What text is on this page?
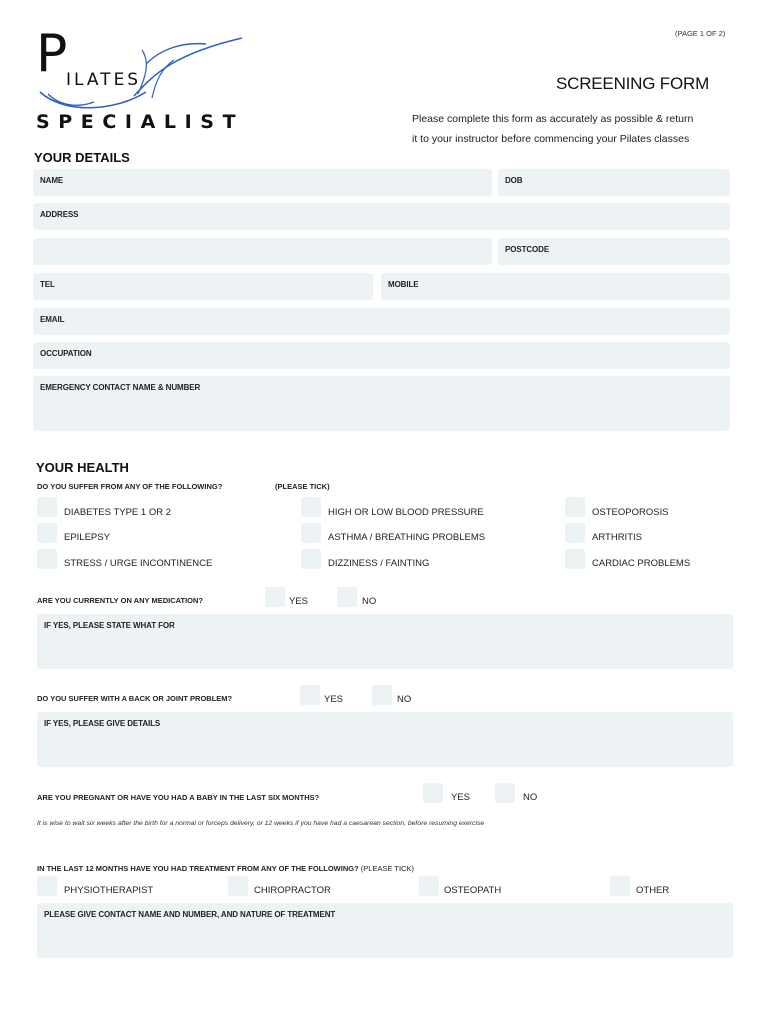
(PAGE 1 OF 2)
P
ILATES
SPECIALIST
SCREENING FORM
Please complete this form as accurately as possible & return
it to your instructor before commencing your Pilates classes
YOUR DETAILS
NAME	DOB
ADDRESS
POSTCODE
TEL	MOBILE
EMAIL
OCCUPATION
EMERGENCY CONTACT NAME & NUMBER
YOUR HEALTH
DO YOU SUFFER FROM ANY OF THE FOLLOWING?	(PLEASE TICK)
DIABETES TYPE 1 OR 2	HIGH OR LOW BLOOD PRESSURE	OSTEOPOROSIS
EPILEPSY	ASTHMA / BREATHING PROBLEMS	ARTHRITIS
STRESS / URGE INCONTINENCE	DIZZINESS / FAINTING	CARDIAC PROBLEMS
ARE YOU CURRENTLY ON ANY MEDICATION?	YES	NO
IF YES, PLEASE STATE WHAT FOR
DO YOU SUFFER WITH A BACK OR JOINT PROBLEM?	YES	NO
IF YES, PLEASE GIVE DETAILS
ARE YOU PREGNANT OR HAVE YOU HAD A BABY IN THE LAST SIX MONTHS?	YES	NO
It is wise to wait six weeks after the birth for a normal or forceps delivery, or 12 weeks if you have had a caesarean section, before resuming exercise
IN THE LAST 12 MONTHS HAVE YOU HAD TREATMENT FROM ANY OF THE FOLLOWING? (PLEASE TICK)
PHYSIOTHERAPIST	CHIROPRACTOR	OSTEOPATH	OTHER
PLEASE GIVE CONTACT NAME AND NUMBER, AND NATURE OF TREATMENT
